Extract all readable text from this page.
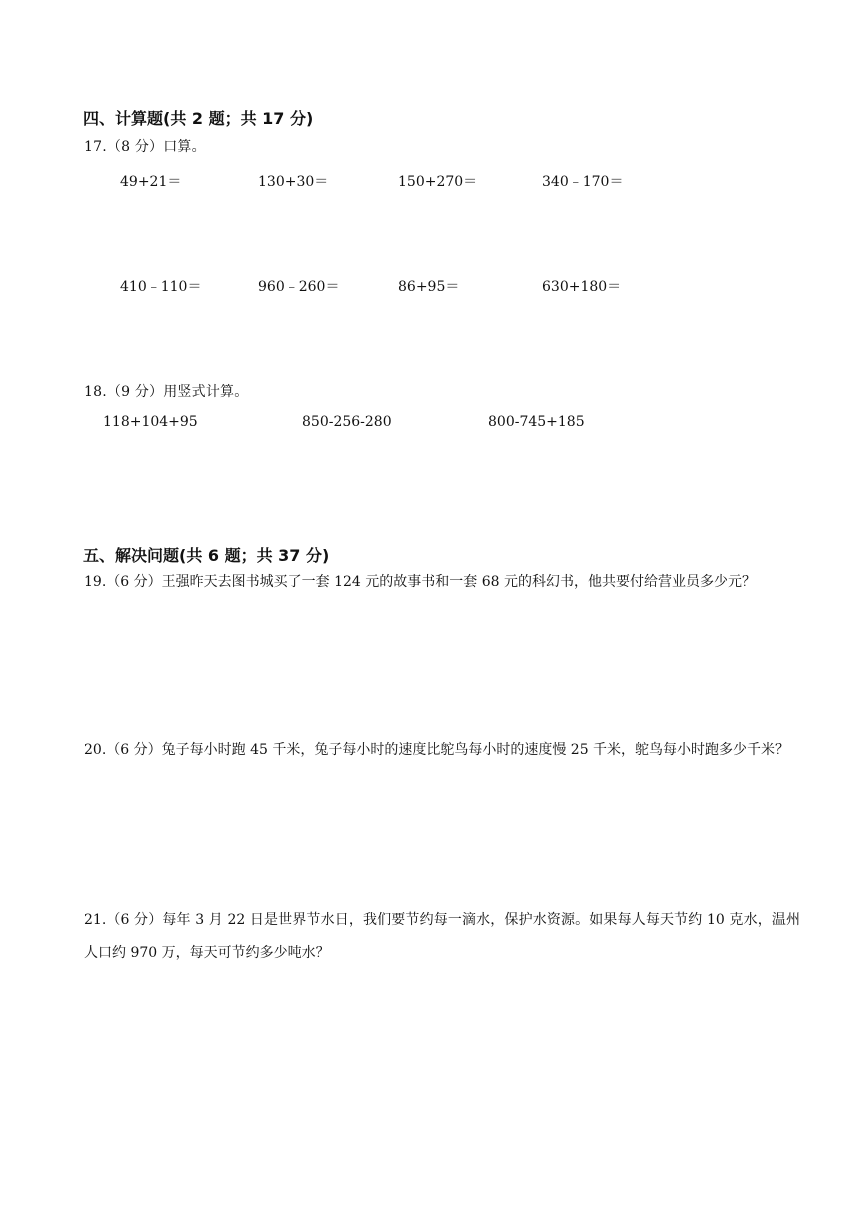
四、计算题(共 2 题；共 17 分)
17.（8 分）口算。
49+21＝	130+30＝	150+270＝	340﹣170＝
410﹣110＝	960﹣260＝	86+95＝	630+180＝
18.（9 分）用竖式计算。
118+104+95	850-256-280	800-745+185
五、解决问题(共 6 题；共 37 分)
19.（6 分）王强昨天去图书城买了一套 124 元的故事书和一套 68 元的科幻书，他共要付给营业员多少元？
20.（6 分）兔子每小时跑 45 千米，兔子每小时的速度比鸵鸟每小时的速度慢 25 千米，鸵鸟每小时跑多少千米？
21.（6 分）每年 3 月 22 日是世界节水日，我们要节约每一滴水，保护水资源。如果每人每天节约 10 克水，温州人口约 970 万，每天可节约多少吨水？
